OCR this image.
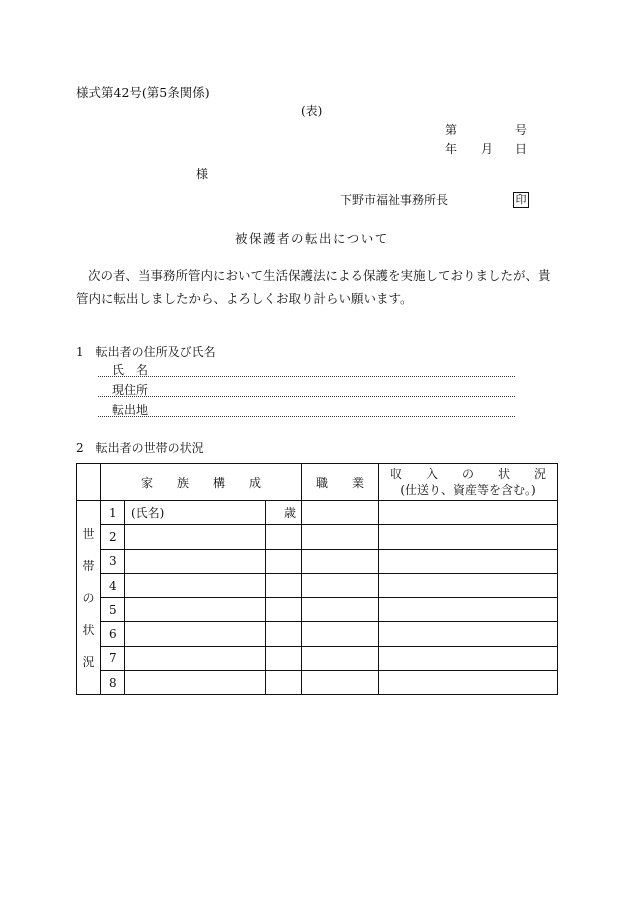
様式第42号(第5条関係)
(表)
第	号
年 月 日
様
下野市福祉事務所長	印
被保護者の転出について
次の者、当事務所管内において生活保護法による保護を実施しておりましたが、貴管内に転出しましたから、よろしくお取り計らい願います。
1　転出者の住所及び氏名
氏　名
現住所
転出地
2　転出者の世帯の状況
	家　　族　　構　　成			職　　業	収　　入　　の　　状　　況
(仕送り、資産等を含む。)

世
帯
の
状
況	1	(氏名)	歳		
	2				
	3				
	4				
	5				
	6				
	7				
	8				
